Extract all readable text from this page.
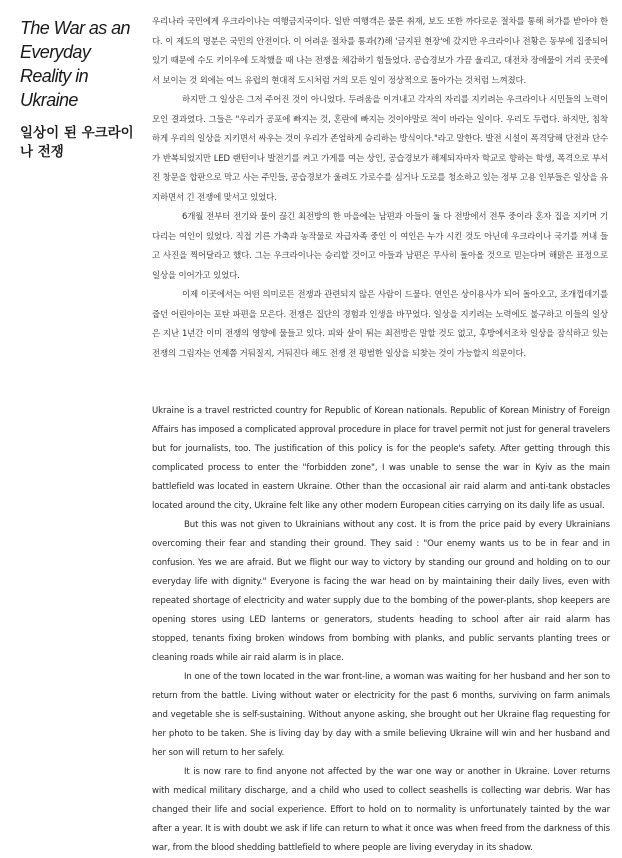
The War as an Everyday Reality in Ukraine
일상이 된 우크라이나 전쟁

우리나라 국민에게 우크라이나는 여행금지국이다. 일반 여행객은 물론 취재, 보도 또한 까다로운 절차를 통해 허가를 받아야 한다. 이 제도의 명분은 국민의 안전이다. 이 어려운 절차를 통과(?)해 '금지된 현장'에 갔지만 우크라이나 전황은 동부에 집중되어 있기 때문에 수도 키이우에 도착했을 때 나는 전쟁을 체감하기 힘들었다. 공습경보가 가끔 울리고, 대전차 장애물이 거리 곳곳에서 보이는 것 외에는 여느 유럽의 현대적 도시처럼 거의 모든 일이 정상적으로 돌아가는 것처럼 느껴졌다.

하지만 그 일상은 그저 주어진 것이 아니었다. 두려움을 이겨내고 각자의 자리를 지키려는 우크라이나 시민들의 노력이 모인 결과였다. 그들은 "우리가 공포에 빠지는 것, 혼란에 빠지는 것이야말로 적이 바라는 일이다. 우리도 두렵다. 하지만, 침착하게 우리의 일상을 지키면서 싸우는 것이 우리가 존엄하게 승리하는 방식이다."라고 말한다. 발전 시설이 폭격당해 단전과 단수가 반복되었지만 LED 랜턴이나 발전기를 켜고 가게를 여는 상인, 공습경보가 해제되자마자 학교로 향하는 학생, 폭격으로 부서진 창문을 합판으로 막고 사는 주민들, 공습경보가 울려도 가로수를 심거나 도로를 청소하고 있는 정부 고용 인부들은 일상을 유지하면서 긴 전쟁에 맞서고 있었다.

6개월 전부터 전기와 물이 끊긴 최전방의 한 마을에는 남편과 아들이 둘 다 전방에서 전투 중이라 혼자 집을 지키며 기다리는 여인이 있었다. 직접 기른 가축과 농작물로 자급자족 중인 이 여인은 누가 시킨 것도 아닌데 우크라이나 국기를 꺼내 들고 사진을 찍어달라고 했다. 그는 우크라이나는 승리할 것이고 아들과 남편은 무사히 돌아올 것으로 믿는다며 해맑은 표정으로 일상을 이어가고 있었다.

이제 이곳에서는 어떤 의미로든 전쟁과 관련되지 않은 사람이 드물다. 연인은 상이용사가 되어 돌아오고, 조개껍데기를 줍던 어린아이는 포탄 파편을 모은다. 전쟁은 집단의 경험과 인생을 바꾸었다. 일상을 지키려는 노력에도 불구하고 이들의 일상은 지난 1년간 이미 전쟁의 영향에 물들고 있다. 피와 살이 튀는 최전방은 말할 것도 없고, 후방에서조차 일상을 잠식하고 있는 전쟁의 그림자는 언제쯤 거둬질지, 거둬진다 해도 전쟁 전 평범한 일상을 되찾는 것이 가능할지 의문이다.

Ukraine is a travel restricted country for Republic of Korean nationals. Republic of Korean Ministry of Foreign Affairs has imposed a complicated approval procedure in place for travel permit not just for general travelers but for journalists, too. The justification of this policy is for the people's safety. After getting through this complicated process to enter the "forbidden zone", I was unable to sense the war in Kyiv as the main battlefield was located in eastern Ukraine. Other than the occasional air raid alarm and anti-tank obstacles located around the city, Ukraine felt like any other modern European cities carrying on its daily life as usual.

But this was not given to Ukrainians without any cost. It is from the price paid by every Ukrainians overcoming their fear and standing their ground. They said : "Our enemy wants us to be in fear and in confusion. Yes we are afraid. But we flight our way to victory by standing our ground and holding on to our everyday life with dignity." Everyone is facing the war head on by maintaining their daily lives, even with repeated shortage of electricity and water supply due to the bombing of the power-plants, shop keepers are opening stores using LED lanterns or generators, students heading to school after air raid alarm has stopped, tenants fixing broken windows from bombing with planks, and public servants planting trees or cleaning roads while air raid alarm is in place.

In one of the town located in the war front-line, a woman was waiting for her husband and her son to return from the battle. Living without water or electricity for the past 6 months, surviving on farm animals and vegetable she is self-sustaining. Without anyone asking, she brought out her Ukraine flag requesting for her photo to be taken. She is living day by day with a smile believing Ukraine will win and her husband and her son will return to her safely.

It is now rare to find anyone not affected by the war one way or another in Ukraine. Lover returns with medical military discharge, and a child who used to collect seashells is collecting war debris. War has changed their life and social experience. Effort to hold on to normality is unfortunately tainted by the war after a year. It is with doubt we ask if life can return to what it once was when freed from the darkness of this war, from the blood shedding battlefield to where people are living everyday in its shadow.
